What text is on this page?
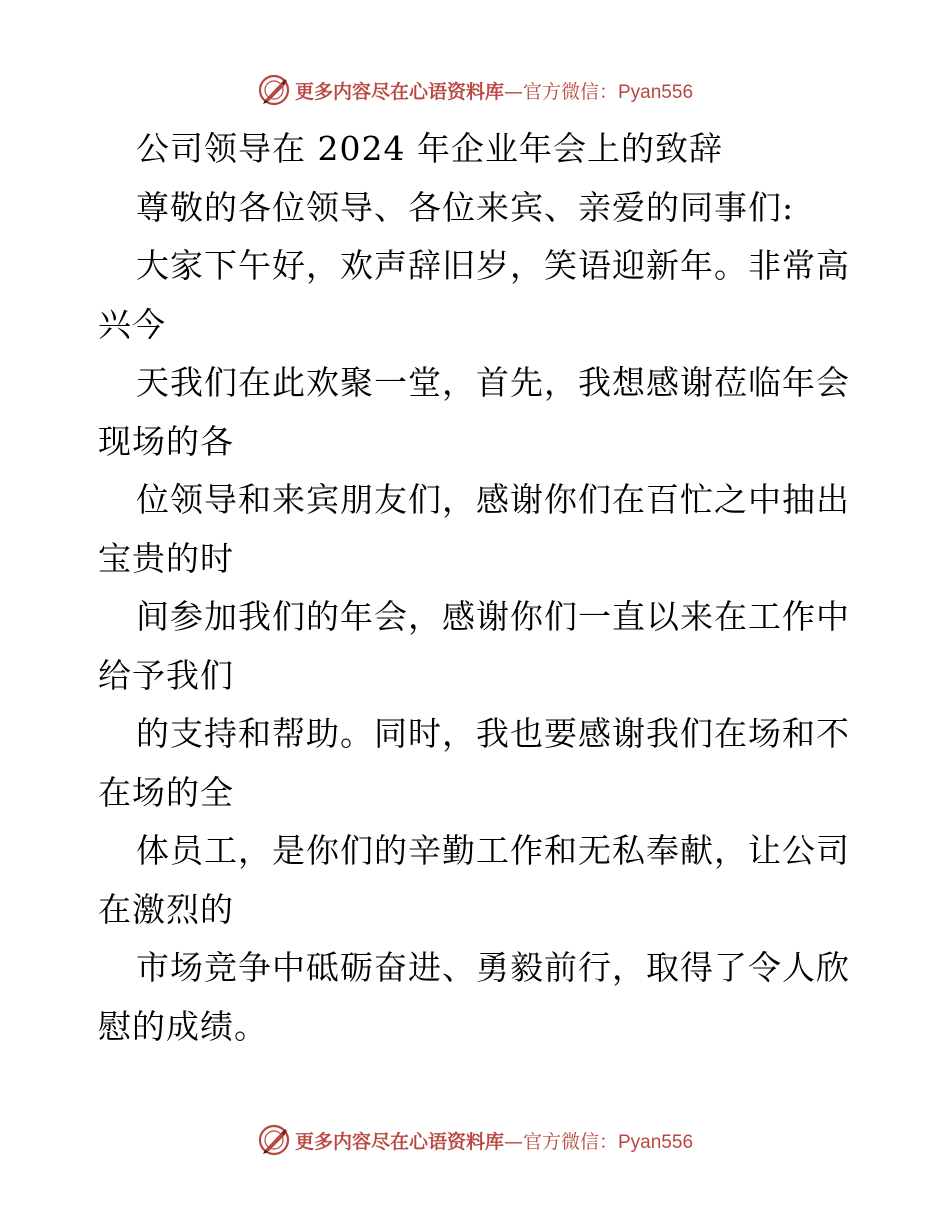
更多内容尽在心语资料库—官方微信：Pyan556
公司领导在 2024 年企业年会上的致辞
尊敬的各位领导、各位来宾、亲爱的同事们:
大家下午好，欢声辞旧岁，笑语迎新年。非常高
兴今
天我们在此欢聚一堂，首先，我想感谢莅临年会
现场的各
位领导和来宾朋友们，感谢你们在百忙之中抽出
宝贵的时
间参加我们的年会，感谢你们一直以来在工作中
给予我们
的支持和帮助。同时，我也要感谢我们在场和不
在场的全
体员工，是你们的辛勤工作和无私奉献，让公司
在激烈的
市场竞争中砥砺奋进、勇毅前行，取得了令人欣
慰的成绩。
更多内容尽在心语资料库—官方微信：Pyan556
